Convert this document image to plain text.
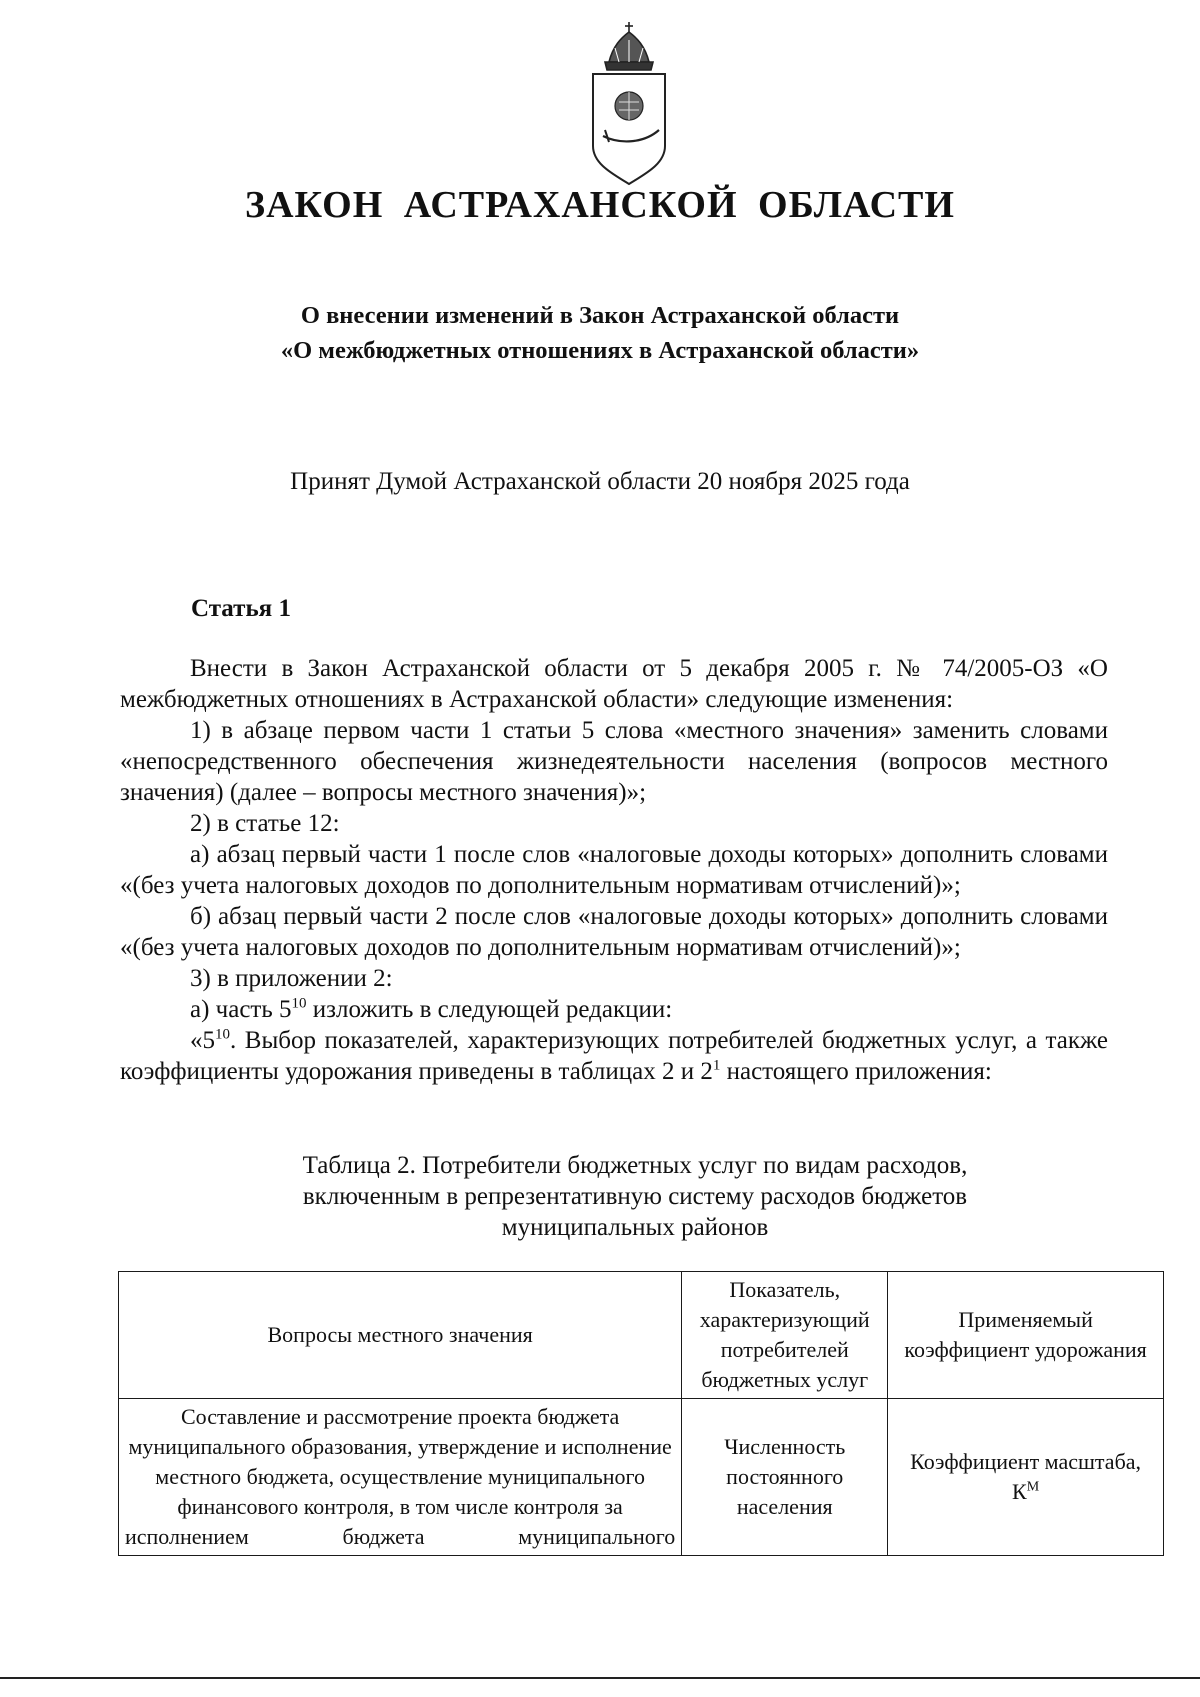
ЗАКОН АСТРАХАНСКОЙ ОБЛАСТИ
О внесении изменений в Закон Астраханской области
«О межбюджетных отношениях в Астраханской области»
Принят Думой Астраханской области 20 ноября 2025 года
Статья 1

Внести в Закон Астраханской области от 5 декабря 2005 г. № 74/2005-ОЗ «О межбюджетных отношениях в Астраханской области» следующие изменения:

1) в абзаце первом части 1 статьи 5 слова «местного значения» заменить словами «непосредственного обеспечения жизнедеятельности населения (вопросов местного значения) (далее – вопросы местного значения)»;

2) в статье 12:

а) абзац первый части 1 после слов «налоговые доходы которых» дополнить словами «(без учета налоговых доходов по дополнительным нормативам отчислений)»;

б) абзац первый части 2 после слов «налоговые доходы которых» дополнить словами «(без учета налоговых доходов по дополнительным нормативам отчислений)»;

3) в приложении 2:

а) часть $5^{10}$ изложить в следующей редакции:

«$5^{10}$. Выбор показателей, характеризующих потребителей бюджетных услуг, а также коэффициенты удорожания приведены в таблицах 2 и $2^1$ настоящего приложения:

Таблица 2. Потребители бюджетных услуг по видам расходов,
включенным в репрезентативную систему расходов бюджетов
муниципальных районов
Вопросы местного значения	Показатель, характеризующий потребителей бюджетных услуг	Применяемый коэффициент удорожания
Составление и рассмотрение проекта бюджета муниципального образования, утверждение и исполнение местного бюджета, осуществление муниципального финансового контроля, в том числе контроля за исполнением бюджета муниципального	Численность постоянного населения	Коэффициент масштаба, $К^М$
